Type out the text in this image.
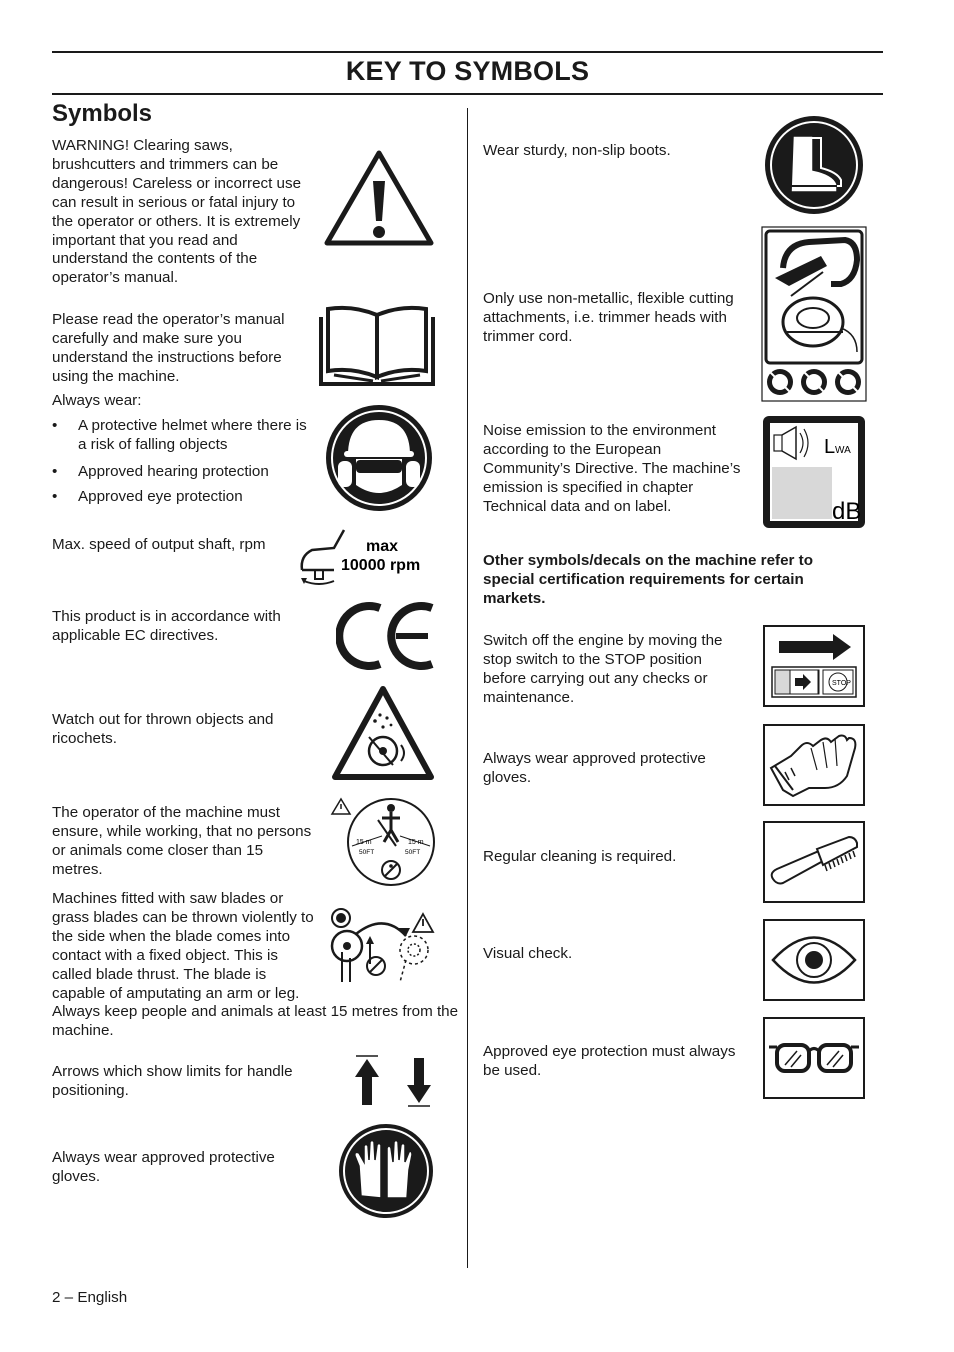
KEY TO SYMBOLS
Symbols
WARNING! Clearing saws, brushcutters and trimmers can be dangerous! Careless or incorrect use can result in serious or fatal injury to the operator or others. It is extremely important that you read and understand the contents of the operator’s manual.
Please read the operator’s manual carefully and make sure you understand the instructions before using the machine.
Always wear:
• A protective helmet where there is a risk of falling objects
• Approved hearing protection
• Approved eye protection
Max. speed of output shaft, rpm	max
10000 rpm
This product is in accordance with applicable EC directives.
Watch out for thrown objects and ricochets.
The operator of the machine must ensure, while working, that no persons or animals come closer than 15 metres.
15 m
50FT
15 m
50FT
Machines fitted with saw blades or grass blades can be thrown violently to the side when the blade comes into contact with a fixed object. This is called blade thrust. The blade is capable of amputating an arm or leg.
Always keep people and animals at least 15 metres from the machine.
Arrows which show limits for handle positioning.
Always wear approved protective gloves.
Wear sturdy, non-slip boots.
Only use non-metallic, flexible cutting attachments, i.e. trimmer heads with trimmer cord.
Noise emission to the environment according to the European Community’s Directive. The machine’s emission is specified in chapter Technical data and on label.
L WA
dB
Other symbols/decals on the machine refer to special certification requirements for certain markets.
Switch off the engine by moving the stop switch to the STOP position before carrying out any checks or maintenance.
STOP
Always wear approved protective gloves.
Regular cleaning is required.
Visual check.
Approved eye protection must always be used.
2 – English
